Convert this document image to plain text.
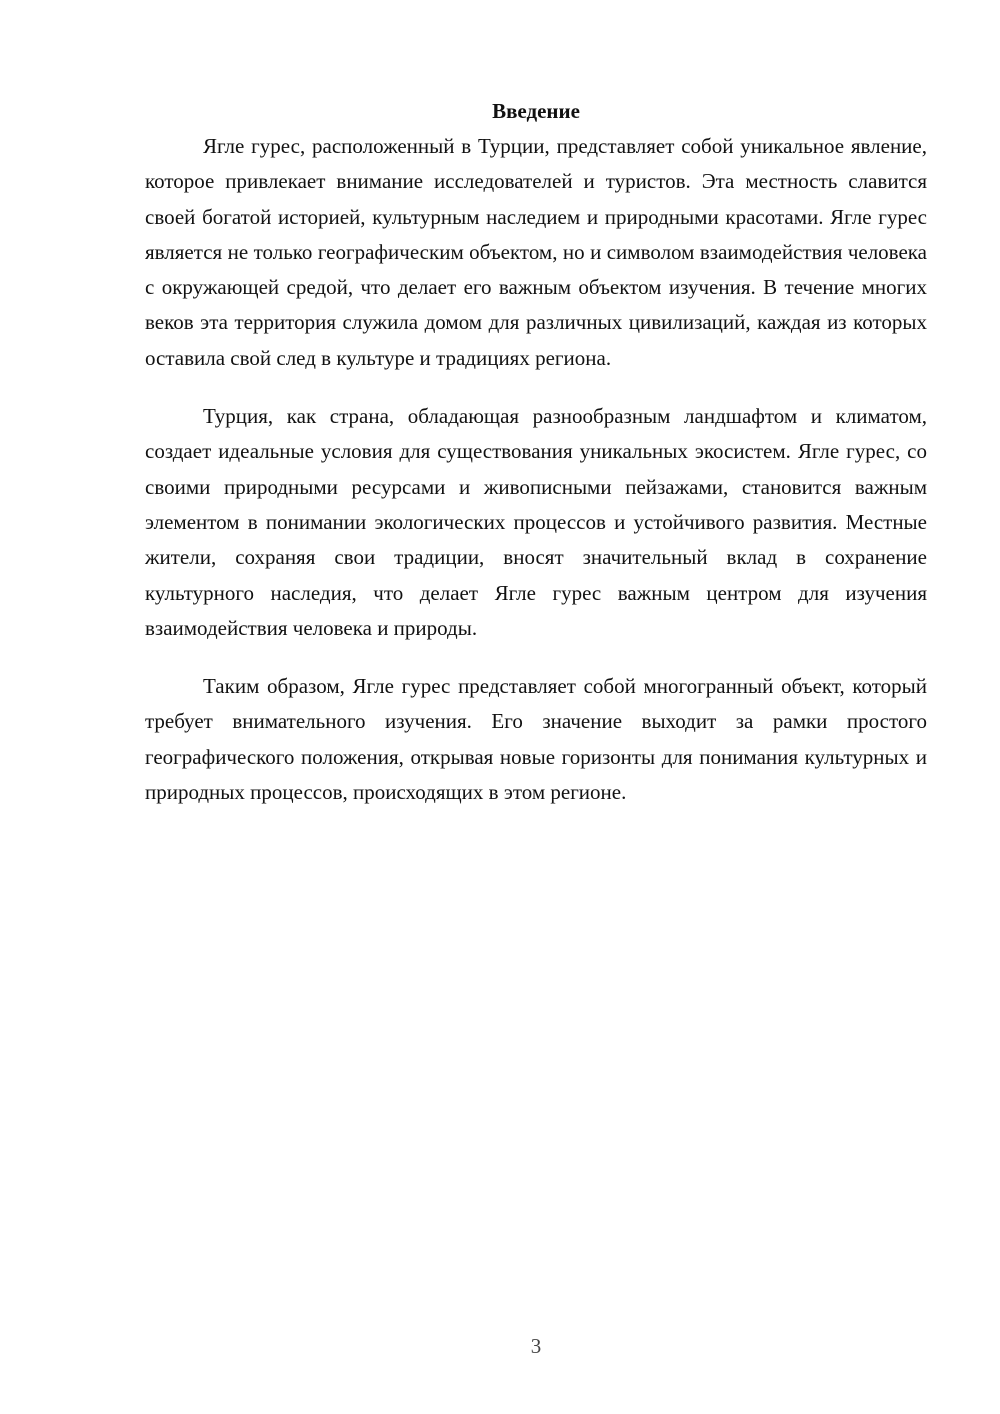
Введение

Ягле гурес, расположенный в Турции, представляет собой уникальное явление, которое привлекает внимание исследователей и туристов. Эта местность славится своей богатой историей, культурным наследием и природными красотами. Ягле гурес является не только географическим объектом, но и символом взаимодействия человека с окружающей средой, что делает его важным объектом изучения. В течение многих веков эта территория служила домом для различных цивилизаций, каждая из которых оставила свой след в культуре и традициях региона.

Турция, как страна, обладающая разнообразным ландшафтом и климатом, создает идеальные условия для существования уникальных экосистем. Ягле гурес, со своими природными ресурсами и живописными пейзажами, становится важным элементом в понимании экологических процессов и устойчивого развития. Местные жители, сохраняя свои традиции, вносят значительный вклад в сохранение культурного наследия, что делает Ягле гурес важным центром для изучения взаимодействия человека и природы.

Таким образом, Ягле гурес представляет собой многогранный объект, который требует внимательного изучения. Его значение выходит за рамки простого географического положения, открывая новые горизонты для понимания культурных и природных процессов, происходящих в этом регионе.

3
